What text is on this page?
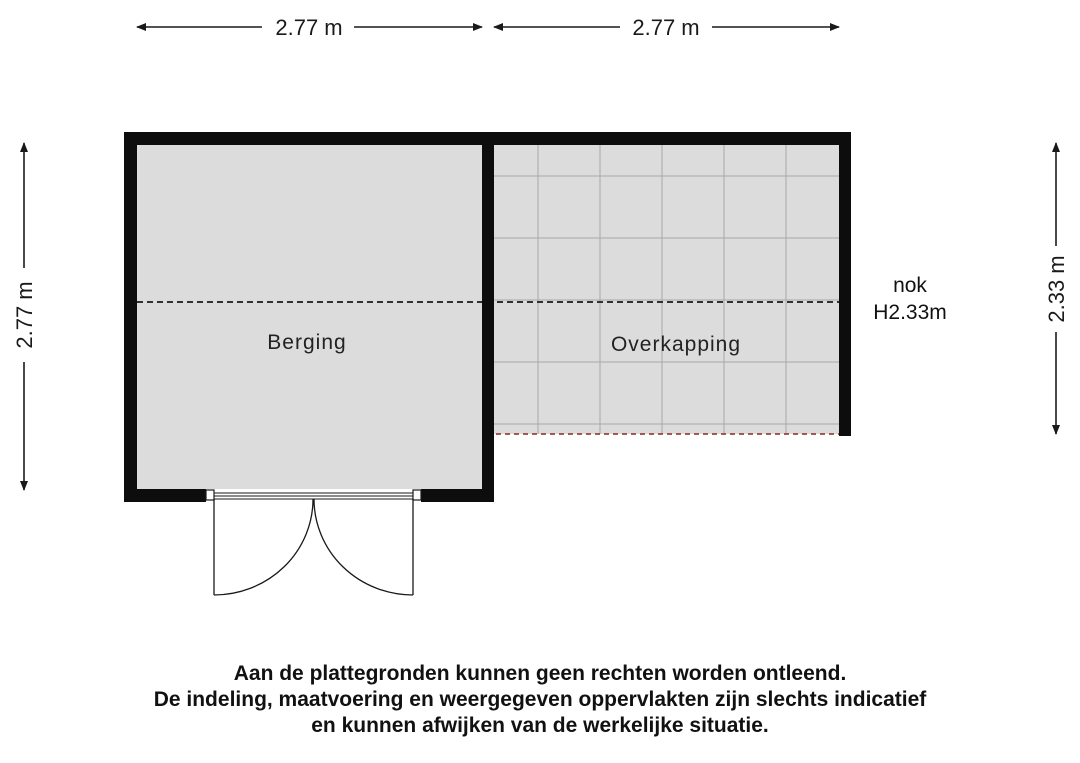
2.77 m	2.77 m
2.77 m	2.33 m
Berging	Overkapping
nok
H2.33m
Aan de plattegronden kunnen geen rechten worden ontleend.
De indeling, maatvoering en weergegeven oppervlakten zijn slechts indicatief
en kunnen afwijken van de werkelijke situatie.
